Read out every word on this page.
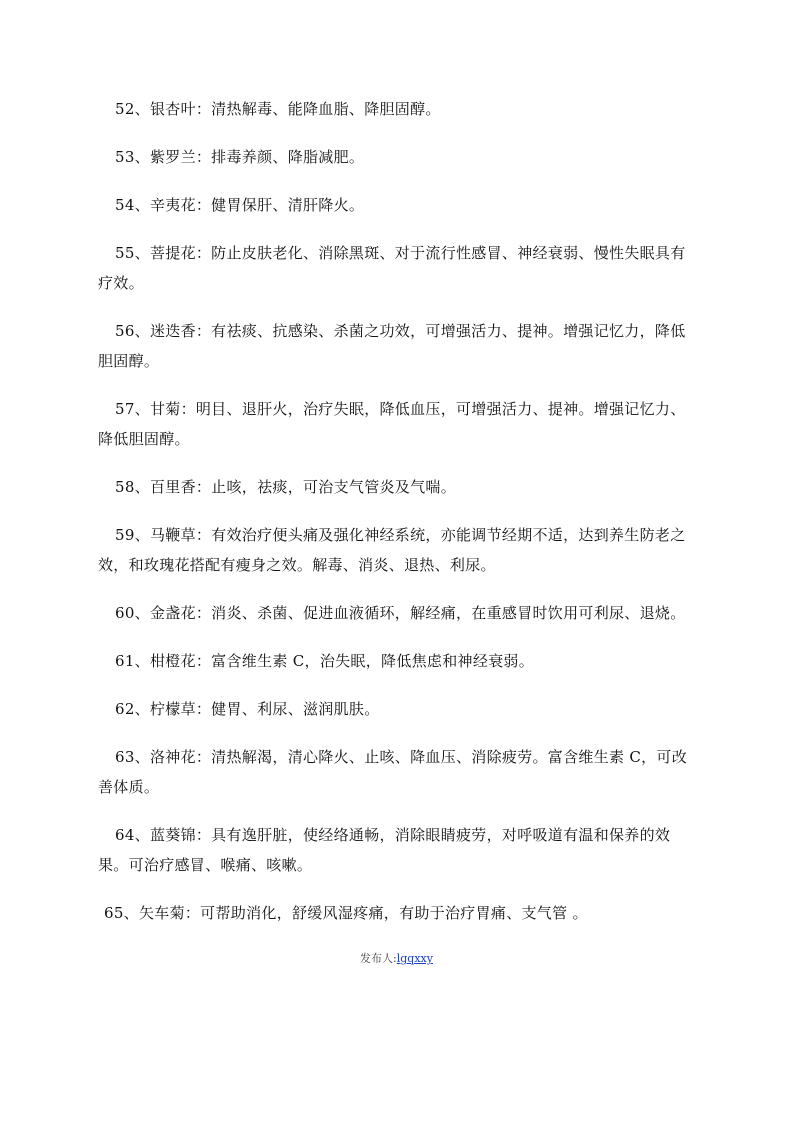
52、银杏叶：清热解毒、能降血脂、降胆固醇。

53、紫罗兰：排毒养颜、降脂减肥。

54、辛夷花：健胃保肝、清肝降火。

55、菩提花：防止皮肤老化、消除黑斑、对于流行性感冒、神经衰弱、慢性失眠具有疗效。

56、迷迭香：有祛痰、抗感染、杀菌之功效，可增强活力、提神。增强记忆力，降低胆固醇。

57、甘菊：明目、退肝火，治疗失眠，降低血压，可增强活力、提神。增强记忆力、降低胆固醇。

58、百里香：止咳，祛痰，可治支气管炎及气喘。

59、马鞭草：有效治疗便头痛及强化神经系统，亦能调节经期不适，达到养生防老之效，和玫瑰花搭配有瘦身之效。解毒、消炎、退热、利尿。

60、金盏花：消炎、杀菌、促进血液循环，解经痛，在重感冒时饮用可利尿、退烧。

61、柑橙花：富含维生素 C，治失眠，降低焦虑和神经衰弱。

62、柠檬草：健胃、利尿、滋润肌肤。

63、洛神花：清热解渴，清心降火、止咳、降血压、消除疲劳。富含维生素 C，可改善体质。

64、蓝葵锦：具有逸肝脏，使经络通畅，消除眼睛疲劳，对呼吸道有温和保养的效果。可治疗感冒、喉痛、咳嗽。

65、矢车菊：可帮助消化，舒缓风湿疼痛，有助于治疗胃痛、支气管 。

发布人:lgqxxy
